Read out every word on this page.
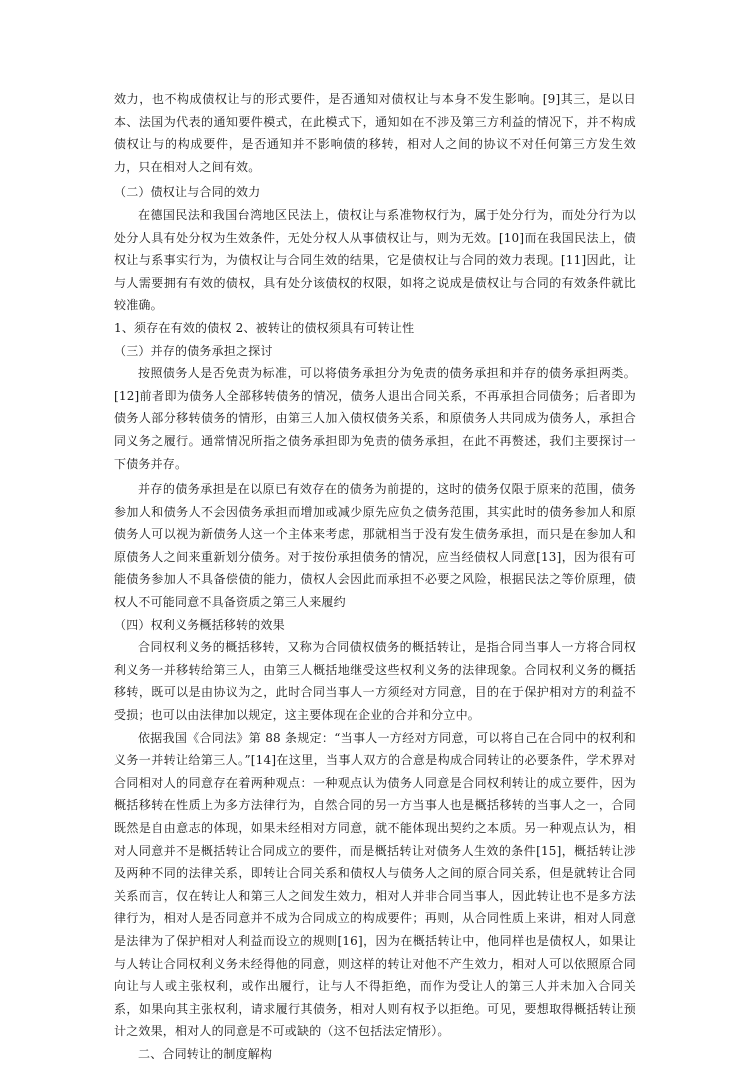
效力，也不构成债权让与的形式要件，是否通知对债权让与本身不发生影响。[9]其三，是以日本、法国为代表的通知要件模式，在此模式下，通知如在不涉及第三方利益的情况下，并不构成债权让与的构成要件，是否通知并不影响债的移转，相对人之间的协议不对任何第三方发生效力，只在相对人之间有效。

（二）债权让与合同的效力

在德国民法和我国台湾地区民法上，债权让与系准物权行为，属于处分行为，而处分行为以处分人具有处分权为生效条件，无处分权人从事债权让与，则为无效。[10]而在我国民法上，债权让与系事实行为，为债权让与合同生效的结果，它是债权让与合同的效力表现。[11]因此，让与人需要拥有有效的债权，具有处分该债权的权限，如将之说成是债权让与合同的有效条件就比较准确。

1、须存在有效的债权 2、被转让的债权须具有可转让性

（三）并存的债务承担之探讨

按照债务人是否免责为标准，可以将债务承担分为免责的债务承担和并存的债务承担两类。[12]前者即为债务人全部移转债务的情况，债务人退出合同关系，不再承担合同债务；后者即为债务人部分移转债务的情形，由第三人加入债权债务关系，和原债务人共同成为债务人，承担合同义务之履行。通常情况所指之债务承担即为免责的债务承担，在此不再赘述，我们主要探讨一下债务并存。

并存的债务承担是在以原已有效存在的债务为前提的，这时的债务仅限于原来的范围，债务参加人和债务人不会因债务承担而增加或减少原先应负之债务范围，其实此时的债务参加人和原债务人可以视为新债务人这一个主体来考虑，那就相当于没有发生债务承担，而只是在参加人和原债务人之间来重新划分债务。对于按份承担债务的情况，应当经债权人同意[13]，因为很有可能债务参加人不具备偿债的能力，债权人会因此而承担不必要之风险，根据民法之等价原理，债权人不可能同意不具备资质之第三人来履约

（四）权利义务概括移转的效果

合同权利义务的概括移转，又称为合同债权债务的概括转让，是指合同当事人一方将合同权利义务一并移转给第三人，由第三人概括地继受这些权利义务的法律现象。合同权利义务的概括移转，既可以是由协议为之，此时合同当事人一方须经对方同意，目的在于保护相对方的利益不受损；也可以由法律加以规定，这主要体现在企业的合并和分立中。

依据我国《合同法》第 88 条规定：“当事人一方经对方同意，可以将自己在合同中的权利和义务一并转让给第三人。”[14]在这里，当事人双方的合意是构成合同转让的必要条件，学术界对合同相对人的同意存在着两种观点：一种观点认为债务人同意是合同权利转让的成立要件，因为概括移转在性质上为多方法律行为，自然合同的另一方当事人也是概括移转的当事人之一，合同既然是自由意志的体现，如果未经相对方同意，就不能体现出契约之本质。另一种观点认为，相对人同意并不是概括转让合同成立的要件，而是概括转让对债务人生效的条件[15]，概括转让涉及两种不同的法律关系，即转让合同关系和债权人与债务人之间的原合同关系，但是就转让合同关系而言，仅在转让人和第三人之间发生效力，相对人并非合同当事人，因此转让也不是多方法律行为，相对人是否同意并不成为合同成立的构成要件；再则，从合同性质上来讲，相对人同意是法律为了保护相对人利益而设立的规则[16]，因为在概括转让中，他同样也是债权人，如果让与人转让合同权利义务未经得他的同意，则这样的转让对他不产生效力，相对人可以依照原合同向让与人或主张权利，或作出履行，让与人不得拒绝，而作为受让人的第三人并未加入合同关系，如果向其主张权利，请求履行其债务，相对人则有权予以拒绝。可见，要想取得概括转让预计之效果，相对人的同意是不可或缺的（这不包括法定情形）。

二、合同转让的制度解构
